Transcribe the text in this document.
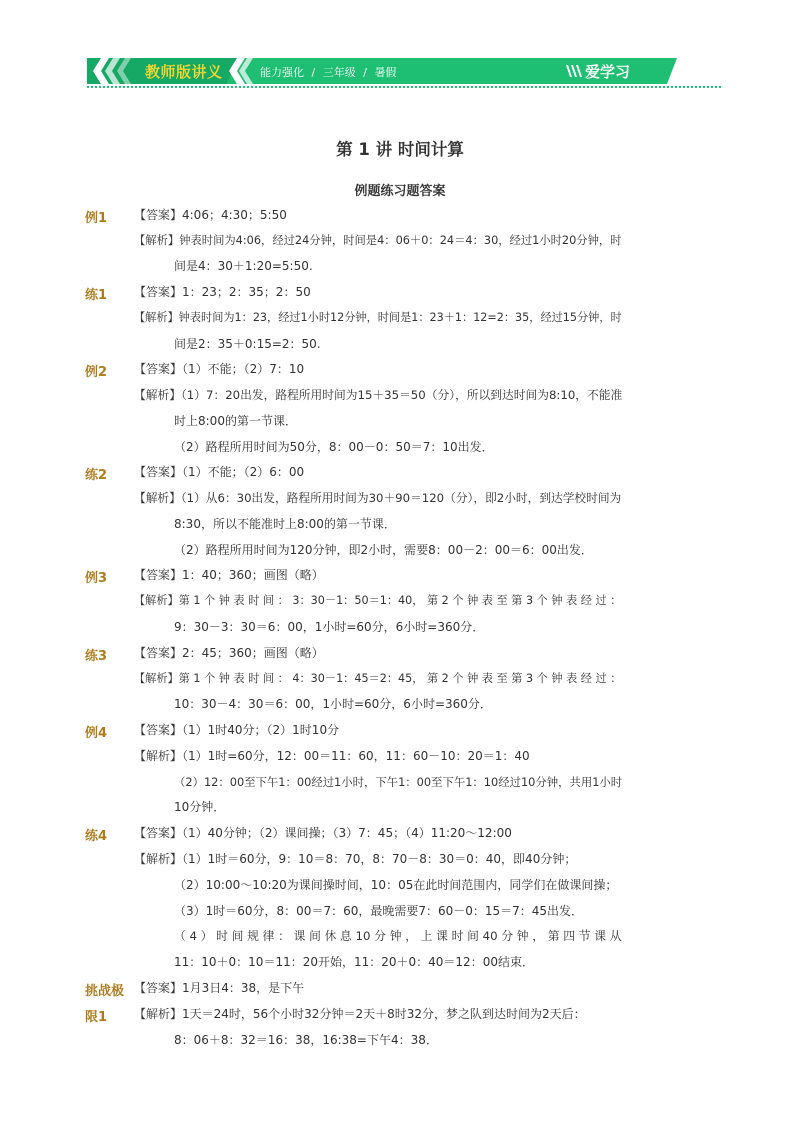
教师版讲义	能力强化 / 三年级 / 暑假	爱学习
第 1 讲 时间计算
例题练习题答案
例1
练1
例2
练2
例3
练3
例4
练4
挑战极
限1
【答案】4:06；4:30；5:50
【解析】钟表时间为4:06，经过24分钟，时间是4：06＋0：24＝4：30，经过1小时20分钟，时
间是4：30＋1:20=5:50.
【答案】1：23；2：35；2：50
【解析】钟表时间为1：23，经过1小时12分钟，时间是1：23＋1：12=2：35，经过15分钟，时
间是2：35＋0:15=2：50.
【答案】（1）不能；（2）7：10
【解析】（1）7：20出发，路程所用时间为15＋35＝50（分），所以到达时间为8:10，不能准
时上8:00的第一节课．
（2）路程所用时间为50分，8：00－0：50＝7：10出发．
【答案】（1）不能；（2）6：00
【解析】（1）从6：30出发，路程所用时间为30＋90＝120（分），即2小时，到达学校时间为
8:30，所以不能准时上8:00的第一节课．
（2）路程所用时间为120分钟，即2小时，需要8：00－2：00＝6：00出发．
【答案】1：40；360；画图（略）
【解析】第 1 个 钟 表 时 间 ： 3：30－1：50＝1：40， 第 2 个 钟 表 至 第 3 个 钟 表 经 过 ：
9：30－3：30＝6：00，1小时=60分，6小时=360分．
【答案】2：45；360；画图（略）
【解析】第 1 个 钟 表 时 间 ： 4：30－1：45＝2：45， 第 2 个 钟 表 至 第 3 个 钟 表 经 过 ：
10：30－4：30＝6：00，1小时=60分，6小时=360分．
【答案】（1）1时40分；（2）1时10分
【解析】（1）1时=60分，12：00＝11：60，11：60－10：20＝1：40
（2）12：00至下午1：00经过1小时，下午1：00至下午1：10经过10分钟，共用1小时
10分钟．
【答案】（1）40分钟；（2）课间操；（3）7：45；（4）11:20～12:00
【解析】（1）1时＝60分，9：10＝8：70，8：70－8：30＝0：40，即40分钟；
（2）10:00～10:20为课间操时间，10：05在此时间范围内，同学们在做课间操；
（3）1时＝60分，8：00＝7：60，最晚需要7：60－0：15＝7：45出发．
（ 4 ） 时 间 规 律 ： 课 间 休 息 10 分 钟 ， 上 课 时 间 40 分 钟 ， 第 四 节 课 从
11：10＋0：10＝11：20开始，11：20＋0：40＝12：00结束．
【答案】1月3日4：38，是下午
【解析】1天＝24时，56个小时32分钟＝2天＋8时32分，梦之队到达时间为2天后：
8：06＋8：32＝16：38，16:38=下午4：38．
